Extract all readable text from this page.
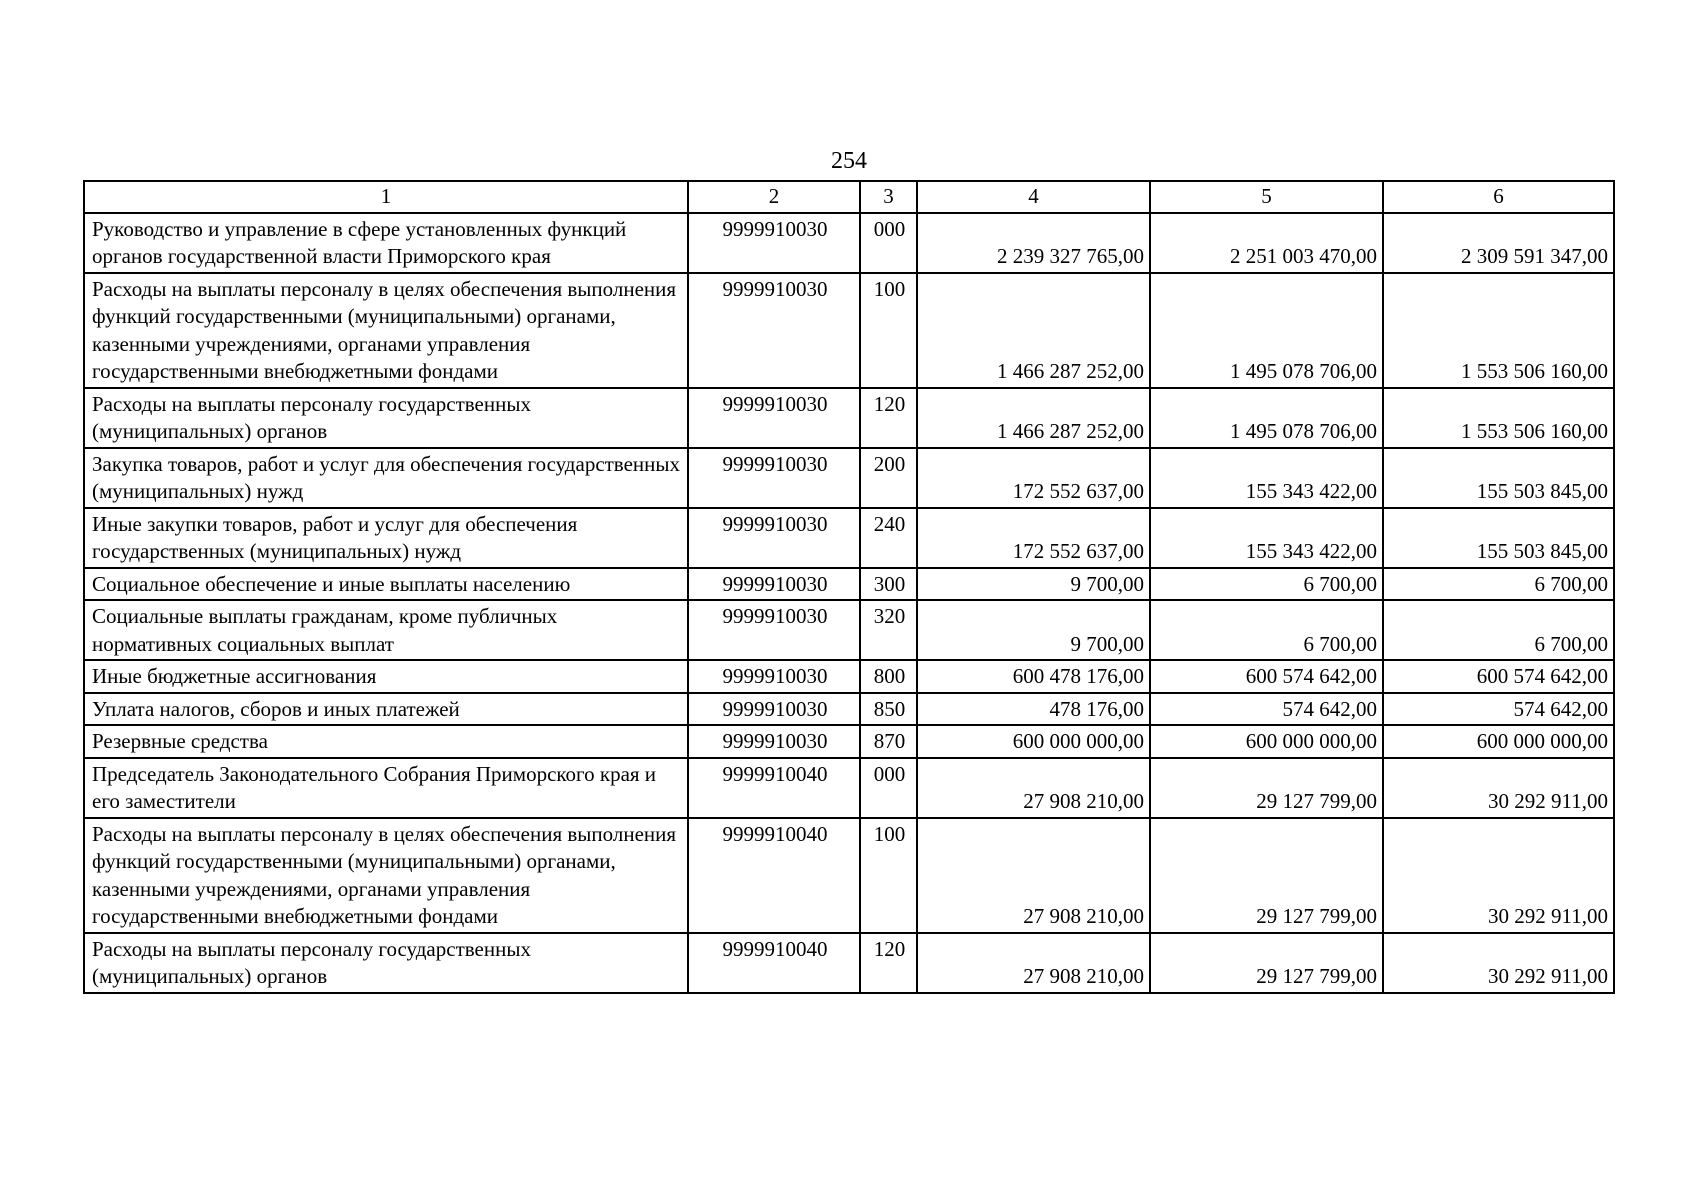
254
1	2	3	4	5	6
Руководство и управление в сфере установленных функций органов государственной власти Приморского края	9999910030	000	2 239 327 765,00	2 251 003 470,00	2 309 591 347,00
Расходы на выплаты персоналу в целях обеспечения выполнения функций государственными (муниципальными) органами, казенными учреждениями, органами управления государственными внебюджетными фондами	9999910030	100	1 466 287 252,00	1 495 078 706,00	1 553 506 160,00
Расходы на выплаты персоналу государственных (муниципальных) органов	9999910030	120	1 466 287 252,00	1 495 078 706,00	1 553 506 160,00
Закупка товаров, работ и услуг для обеспечения государственных (муниципальных) нужд	9999910030	200	172 552 637,00	155 343 422,00	155 503 845,00
Иные закупки товаров, работ и услуг для обеспечения государственных (муниципальных) нужд	9999910030	240	172 552 637,00	155 343 422,00	155 503 845,00
Социальное обеспечение и иные выплаты населению	9999910030	300	9 700,00	6 700,00	6 700,00
Социальные выплаты гражданам, кроме публичных нормативных социальных выплат	9999910030	320	9 700,00	6 700,00	6 700,00
Иные бюджетные ассигнования	9999910030	800	600 478 176,00	600 574 642,00	600 574 642,00
Уплата налогов, сборов и иных платежей	9999910030	850	478 176,00	574 642,00	574 642,00
Резервные средства	9999910030	870	600 000 000,00	600 000 000,00	600 000 000,00
Председатель Законодательного Собрания Приморского края и его заместители	9999910040	000	27 908 210,00	29 127 799,00	30 292 911,00
Расходы на выплаты персоналу в целях обеспечения выполнения функций государственными (муниципальными) органами, казенными учреждениями, органами управления государственными внебюджетными фондами	9999910040	100	27 908 210,00	29 127 799,00	30 292 911,00
Расходы на выплаты персоналу государственных (муниципальных) органов	9999910040	120	27 908 210,00	29 127 799,00	30 292 911,00
